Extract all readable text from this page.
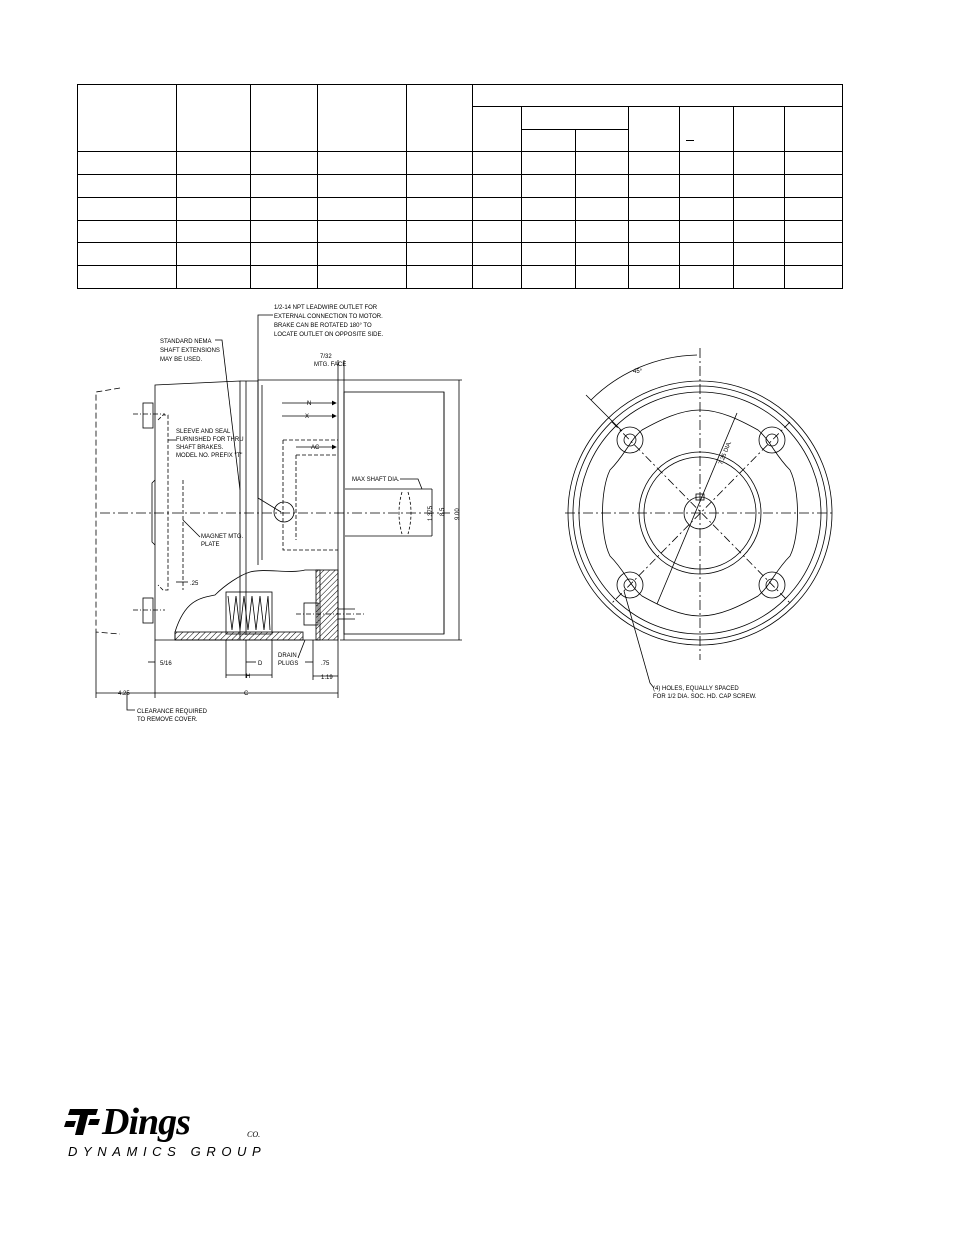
1/2-14 NPT LEADWIRE OUTLET FOR
EXTERNAL CONNECTION TO MOTOR.
BRAKE CAN BE ROTATED 180° TO
LOCATE OUTLET ON OPPOSITE SIDE.
STANDARD NEMA
SHAFT EXTENSIONS
MAY BE USED.	7/32
MTG. FACE
SLEEVE AND SEAL
FURNISHED FOR THRU
SHAFT BRAKES.
MODEL NO. PREFIX "T"
MAGNET MTG.
PLATE
MAX SHAFT DIA.
N
X
AC
1.375 8.5 9.00
.25
5/16	D
H
DRAIN
PLUGS	.75
1.19
4.25	C
CLEARANCE REQUIRED
TO REMOVE COVER.
45°
7.25 DIA.
(4) HOLES, EQUALLY SPACED
FOR 1/2 DIA. SOC. HD. CAP SCREW.
Dings	CO.
DYNAMICS GROUP
